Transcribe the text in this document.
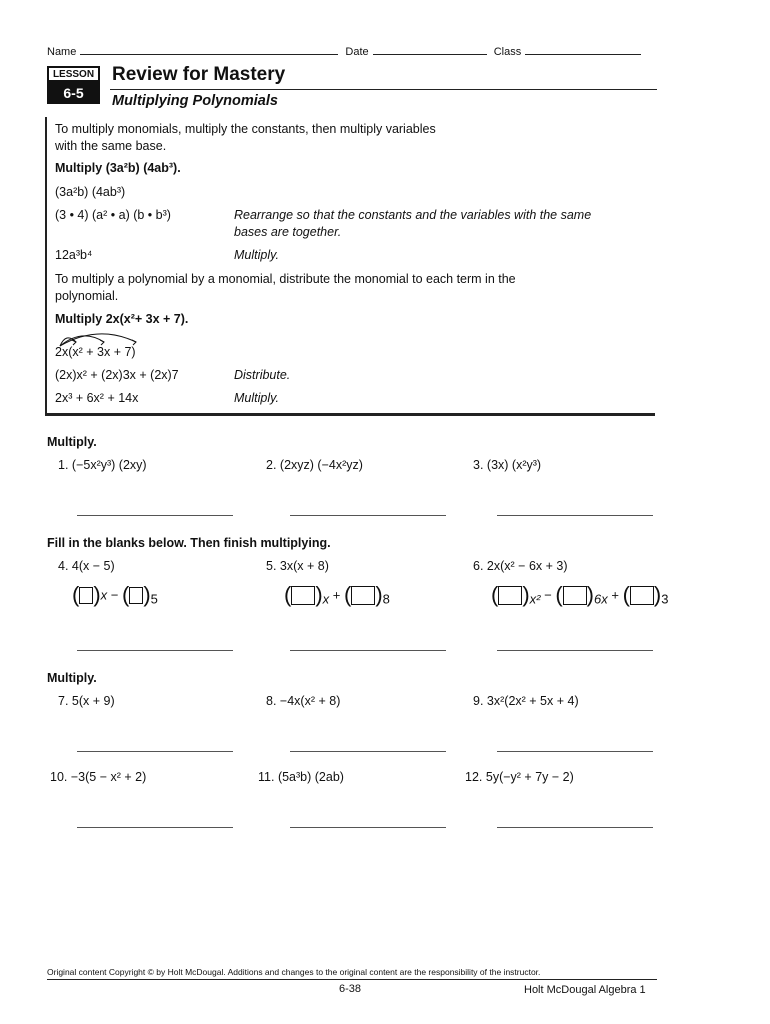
Name	Date	Class
LESSON
6-5
Review for Mastery
Multiplying Polynomials
To multiply monomials, multiply the constants, then multiply variables
with the same base.
Multiply (3a²b) (4ab³).
(3a²b) (4ab³)
(3 • 4) (a² • a) (b • b³)	Rearrange so that the constants and the variables with the same
bases are together.
12a³b⁴	Multiply.
To multiply a polynomial by a monomial, distribute the monomial to each term in the
polynomial.
Multiply 2x(x²+ 3x + 7).
2x(x² + 3x + 7)
(2x)x² + (2x)3x + (2x)7	Distribute.
2x³ + 6x² + 14x	Multiply.
Multiply.
1. (−5x²y³) (2xy)	2. (2xyz) (−4x²yz)	3. (3x) (x²y³)
Fill in the blanks below. Then finish multiplying.
4. 4(x − 5)	5. 3x(x + 8)	6. 2x(x² − 6x + 3)
( )x − ( )5	( )x + ( )8	( )x² − ( )6x + ( )3
Multiply.
7. 5(x + 9)	8. −4x(x² + 8)	9. 3x²(2x² + 5x + 4)
10. −3(5 − x² + 2)	11. (5a³b) (2ab)	12. 5y(−y² + 7y − 2)
Original content Copyright © by Holt McDougal. Additions and changes to the original content are the responsibility of the instructor.
6-38	Holt McDougal Algebra 1
